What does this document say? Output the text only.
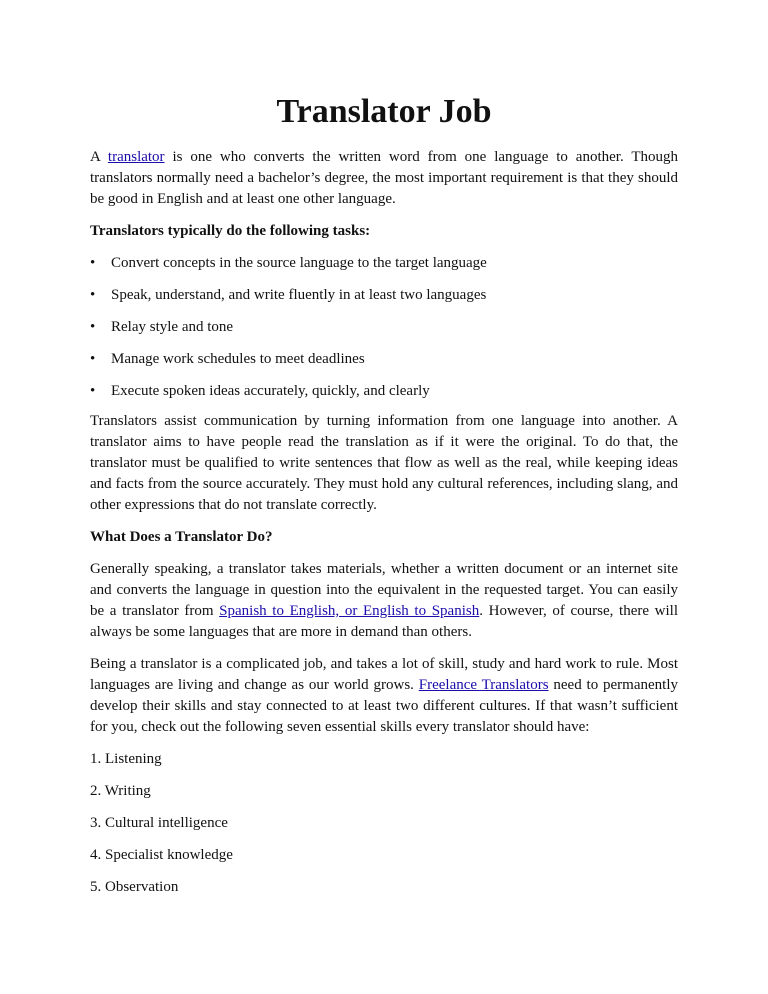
Translator Job

A translator is one who converts the written word from one language to another. Though translators normally need a bachelor’s degree, the most important requirement is that they should be good in English and at least one other language.

Translators typically do the following tasks:

•	Convert concepts in the source language to the target language
•	Speak, understand, and write fluently in at least two languages
•	Relay style and tone
•	Manage work schedules to meet deadlines
•	Execute spoken ideas accurately, quickly, and clearly

Translators assist communication by turning information from one language into another. A translator aims to have people read the translation as if it were the original. To do that, the translator must be qualified to write sentences that flow as well as the real, while keeping ideas and facts from the source accurately. They must hold any cultural references, including slang, and other expressions that do not translate correctly.

What Does a Translator Do?

Generally speaking, a translator takes materials, whether a written document or an internet site and converts the language in question into the equivalent in the requested target. You can easily be a translator from Spanish to English, or English to Spanish. However, of course, there will always be some languages that are more in demand than others.

Being a translator is a complicated job, and takes a lot of skill, study and hard work to rule. Most languages are living and change as our world grows. Freelance Translators need to permanently develop their skills and stay connected to at least two different cultures. If that wasn’t sufficient for you, check out the following seven essential skills every translator should have:

1. Listening
2. Writing
3. Cultural intelligence
4. Specialist knowledge
5. Observation
